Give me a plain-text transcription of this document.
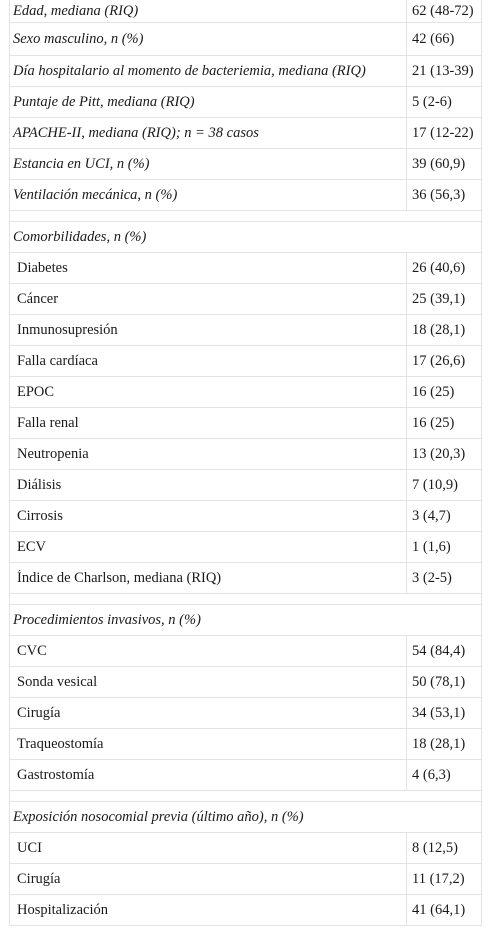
Edad, mediana (RIQ)	62 (48-72)
Sexo masculino, n (%)	42 (66)
Día hospitalario al momento de bacteriemia, mediana (RIQ)	21 (13-39)
Puntaje de Pitt, mediana (RIQ)	5 (2-6)
APACHE-II, mediana (RIQ); n = 38 casos	17 (12-22)
Estancia en UCI, n (%)	39 (60,9)
Ventilación mecánica, n (%)	36 (56,3)
Comorbilidades, n (%)
Diabetes	26 (40,6)
Cáncer	25 (39,1)
Inmunosupresión	18 (28,1)
Falla cardíaca	17 (26,6)
EPOC	16 (25)
Falla renal	16 (25)
Neutropenia	13 (20,3)
Diálisis	7 (10,9)
Cirrosis	3 (4,7)
ECV	1 (1,6)
Índice de Charlson, mediana (RIQ)	3 (2-5)
Procedimientos invasivos, n (%)
CVC	54 (84,4)
Sonda vesical	50 (78,1)
Cirugía	34 (53,1)
Traqueostomía	18 (28,1)
Gastrostomía	4 (6,3)
Exposición nosocomial previa (último año), n (%)
UCI	8 (12,5)
Cirugía	11 (17,2)
Hospitalización	41 (64,1)
